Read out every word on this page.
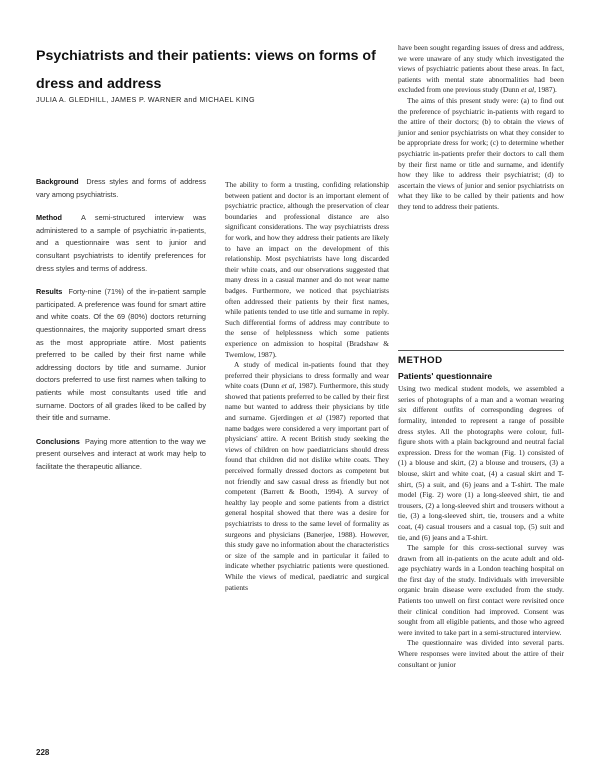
Psychiatrists and their patients: views on forms of dress and address
JULIA A. GLEDHILL, JAMES P. WARNER and MICHAEL KING

Background Dress styles and forms of address vary among psychiatrists.

Method	A semi-structured interview was administered to a sample of psychiatric in-patients, and a questionnaire was sent to junior and consultant psychiatrists to identify preferences for dress styles and terms of address.

Results Forty-nine (71%) of the in-patient sample participated. A preference was found for smart attire and white coats. Of the 69 (80%) doctors returning questionnaires, the majority supported smart dress as the most appropriate attire. Most patients preferred to be called by their first name while addressing doctors by title and surname. Junior doctors preferred to use first names when talking to patients while most consultants used title and surname. Doctors of all grades liked to be called by their title and surname.

Conclusions Paying more attention to the way we present ourselves and interact at work may help to facilitate the therapeutic alliance.

The ability to form a trusting, confiding relationship between patient and doctor is an important element of psychiatric practice, although the preservation of clear boundaries and professional distance are also significant considerations. The way psychiatrists dress for work, and how they address their patients are likely to have an impact on the development of this relationship. Most psychiatrists have long discarded their white coats, and our observations suggested that many dress in a casual manner and do not wear name badges. Furthermore, we noticed that psychiatrists often addressed their patients by their first names, while patients tended to use title and surname in reply. Such differential forms of address may contribute to the sense of helplessness which some patients experience on admission to hospital (Bradshaw & Twemlow, 1987).

A study of medical in-patients found that they preferred their physicians to dress formally and wear white coats (Dunn et al, 1987). Furthermore, this study showed that patients preferred to be called by their first name but wanted to address their physicians by title and surname. Gjerdingen et al (1987) reported that name badges were considered a very important part of physicians' attire. A recent British study seeking the views of children on how paediatricians should dress found that children did not dislike white coats. They perceived formally dressed doctors as competent but not friendly and saw casual dress as friendly but not competent (Barrett & Booth, 1994). A survey of healthy lay people and some patients from a district general hospital showed that there was a desire for psychiatrists to dress to the same level of formality as surgeons and physicians (Banerjee, 1988). However, this study gave no information about the characteristics or size of the sample and in particular it failed to indicate whether psychiatric patients were questioned. While the views of medical, paediatric and surgical patients

have been sought regarding issues of dress and address, we were unaware of any study which investigated the views of psychiatric patients about these areas. In fact, patients with mental state abnormalities had been excluded from one previous study (Dunn et al, 1987).

The aims of this present study were: (a) to find out the preference of psychiatric in-patients with regard to the attire of their doctors; (b) to obtain the views of junior and senior psychiatrists on what they consider to be appropriate dress for work; (c) to determine whether psychiatric in-patients prefer their doctors to call them by their first name or title and surname, and identify how they like to address their psychiatrist; (d) to ascertain the views of junior and senior psychiatrists on what they like to be called by their patients and how they tend to address their patients.

METHOD
Patients' questionnaire

Using two medical student models, we assembled a series of photographs of a man and a woman wearing six different outfits of corresponding degrees of formality, intended to represent a range of possible dress styles. All the photographs were colour, full-figure shots with a plain background and neutral facial expression. Dress for the woman (Fig. 1) consisted of (1) a blouse and skirt, (2) a blouse and trousers, (3) a blouse, skirt and white coat, (4) a casual skirt and T-shirt, (5) a suit, and (6) jeans and a T-shirt. The male model (Fig. 2) wore (1) a long-sleeved shirt, tie and trousers, (2) a long-sleeved shirt and trousers without a tie, (3) a long-sleeved shirt, tie, trousers and a white coat, (4) casual trousers and a casual top, (5) suit and tie, and (6) jeans and a T-shirt.

The sample for this cross-sectional survey was drawn from all in-patients on the acute adult and old-age psychiatry wards in a London teaching hospital on the first day of the study. Individuals with irreversible organic brain disease were excluded from the study. Patients too unwell on first contact were revisited once their clinical condition had improved. Consent was sought from all eligible patients, and those who agreed were invited to take part in a semi-structured interview.

The questionnaire was divided into several parts. Where responses were invited about the attire of their consultant or junior

228
